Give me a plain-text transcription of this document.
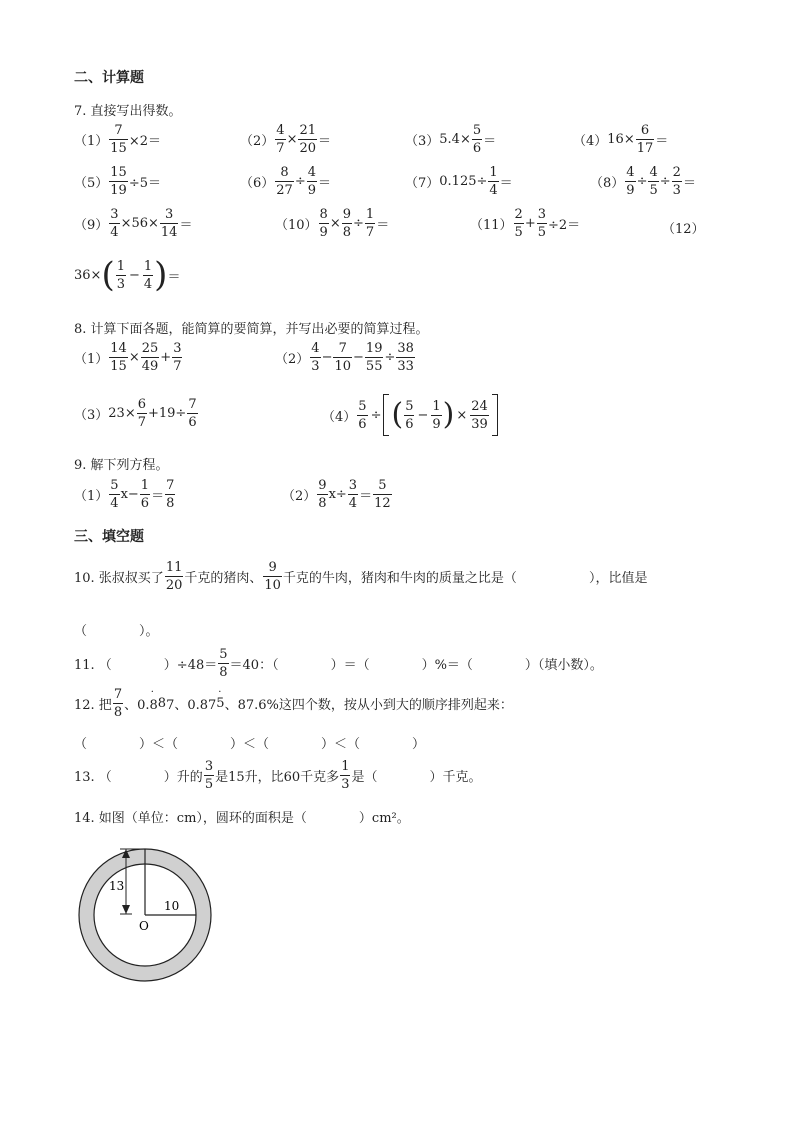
二、计算题
7. 直接写出得数。
$(1) \frac{7}{15} \times 2=$	$(2) \frac{4}{7} \times \frac{21}{20}$ ＝	（3） $5.4\times \frac{5}{6}$ ＝	（4） $16\times \frac{6}{17}$ ＝
$(5) \frac{15}{19} \div 5=$	$(6) \frac{8}{27} \div \frac{4}{9}$ ＝	（7） $0.125\div \frac{1}{4}$ ＝	$(8) \frac{4}{9} \div \frac{4}{5} \div \frac{2}{3}$ ＝
$(9) \frac{3}{4} \times 56\times \frac{3}{14}$ ＝	$(10) \frac{8}{9} \times \frac{9}{8} \div \frac{1}{7}$ ＝	$(11) \frac{2}{5} + \frac{3}{5} \div 2=$	（12）
36× ( $\frac{1}{3} - \frac{1}{4}$ ) ＝
8. 计算下面各题，能简算的要简算，并写出必要的简算过程。
$(1) \frac{14}{15} \times \frac{25}{49} + \frac{3}{7}$	$(2) \frac{4}{3} - \frac{7}{10} - \frac{19}{55} \div \frac{38}{33}$
（3） $23\times \frac{6}{7} +19\div \frac{7}{6}$	$(4) \frac{5}{6}$ ÷ ( $\frac{5}{6} - \frac{1}{9}$ ) × $\frac{24}{39}$
9. 解下列方程。
$(1) \frac{5}{4} x- \frac{1}{6} = \frac{7}{8}$	$(2) \frac{9}{8} x\div \frac{3}{4} = \frac{5}{12}$
三、填空题
10. 张叔叔买了 $\frac{11}{20}$ 千克的猪肉、 $\frac{9}{10}$ 千克的牛肉，猪肉和牛肉的质量之比是（	），比值是
（　　　　）。
11. （　　　　）$\div 48= \frac{5}{8} =40$：（　　　　）＝（　　　　）%＝（　　　　）（填小数）。
12. 把 $\frac{7}{8}$ 、0.8
·
8 7、0.87
·
5 、87.6%这四个数，按从小到大的顺序排列起来：
（　　　　）＜（　　　　）＜（　　　　）＜（　　　　）
13. （　　　　）升的 $\frac{3}{5}$ 是15升，比60千克多 $\frac{1}{3}$ 是（　　　　）千克。
14. 如图（单位：cm），圆环的面积是（　　　　）cm²。
13
10
O
